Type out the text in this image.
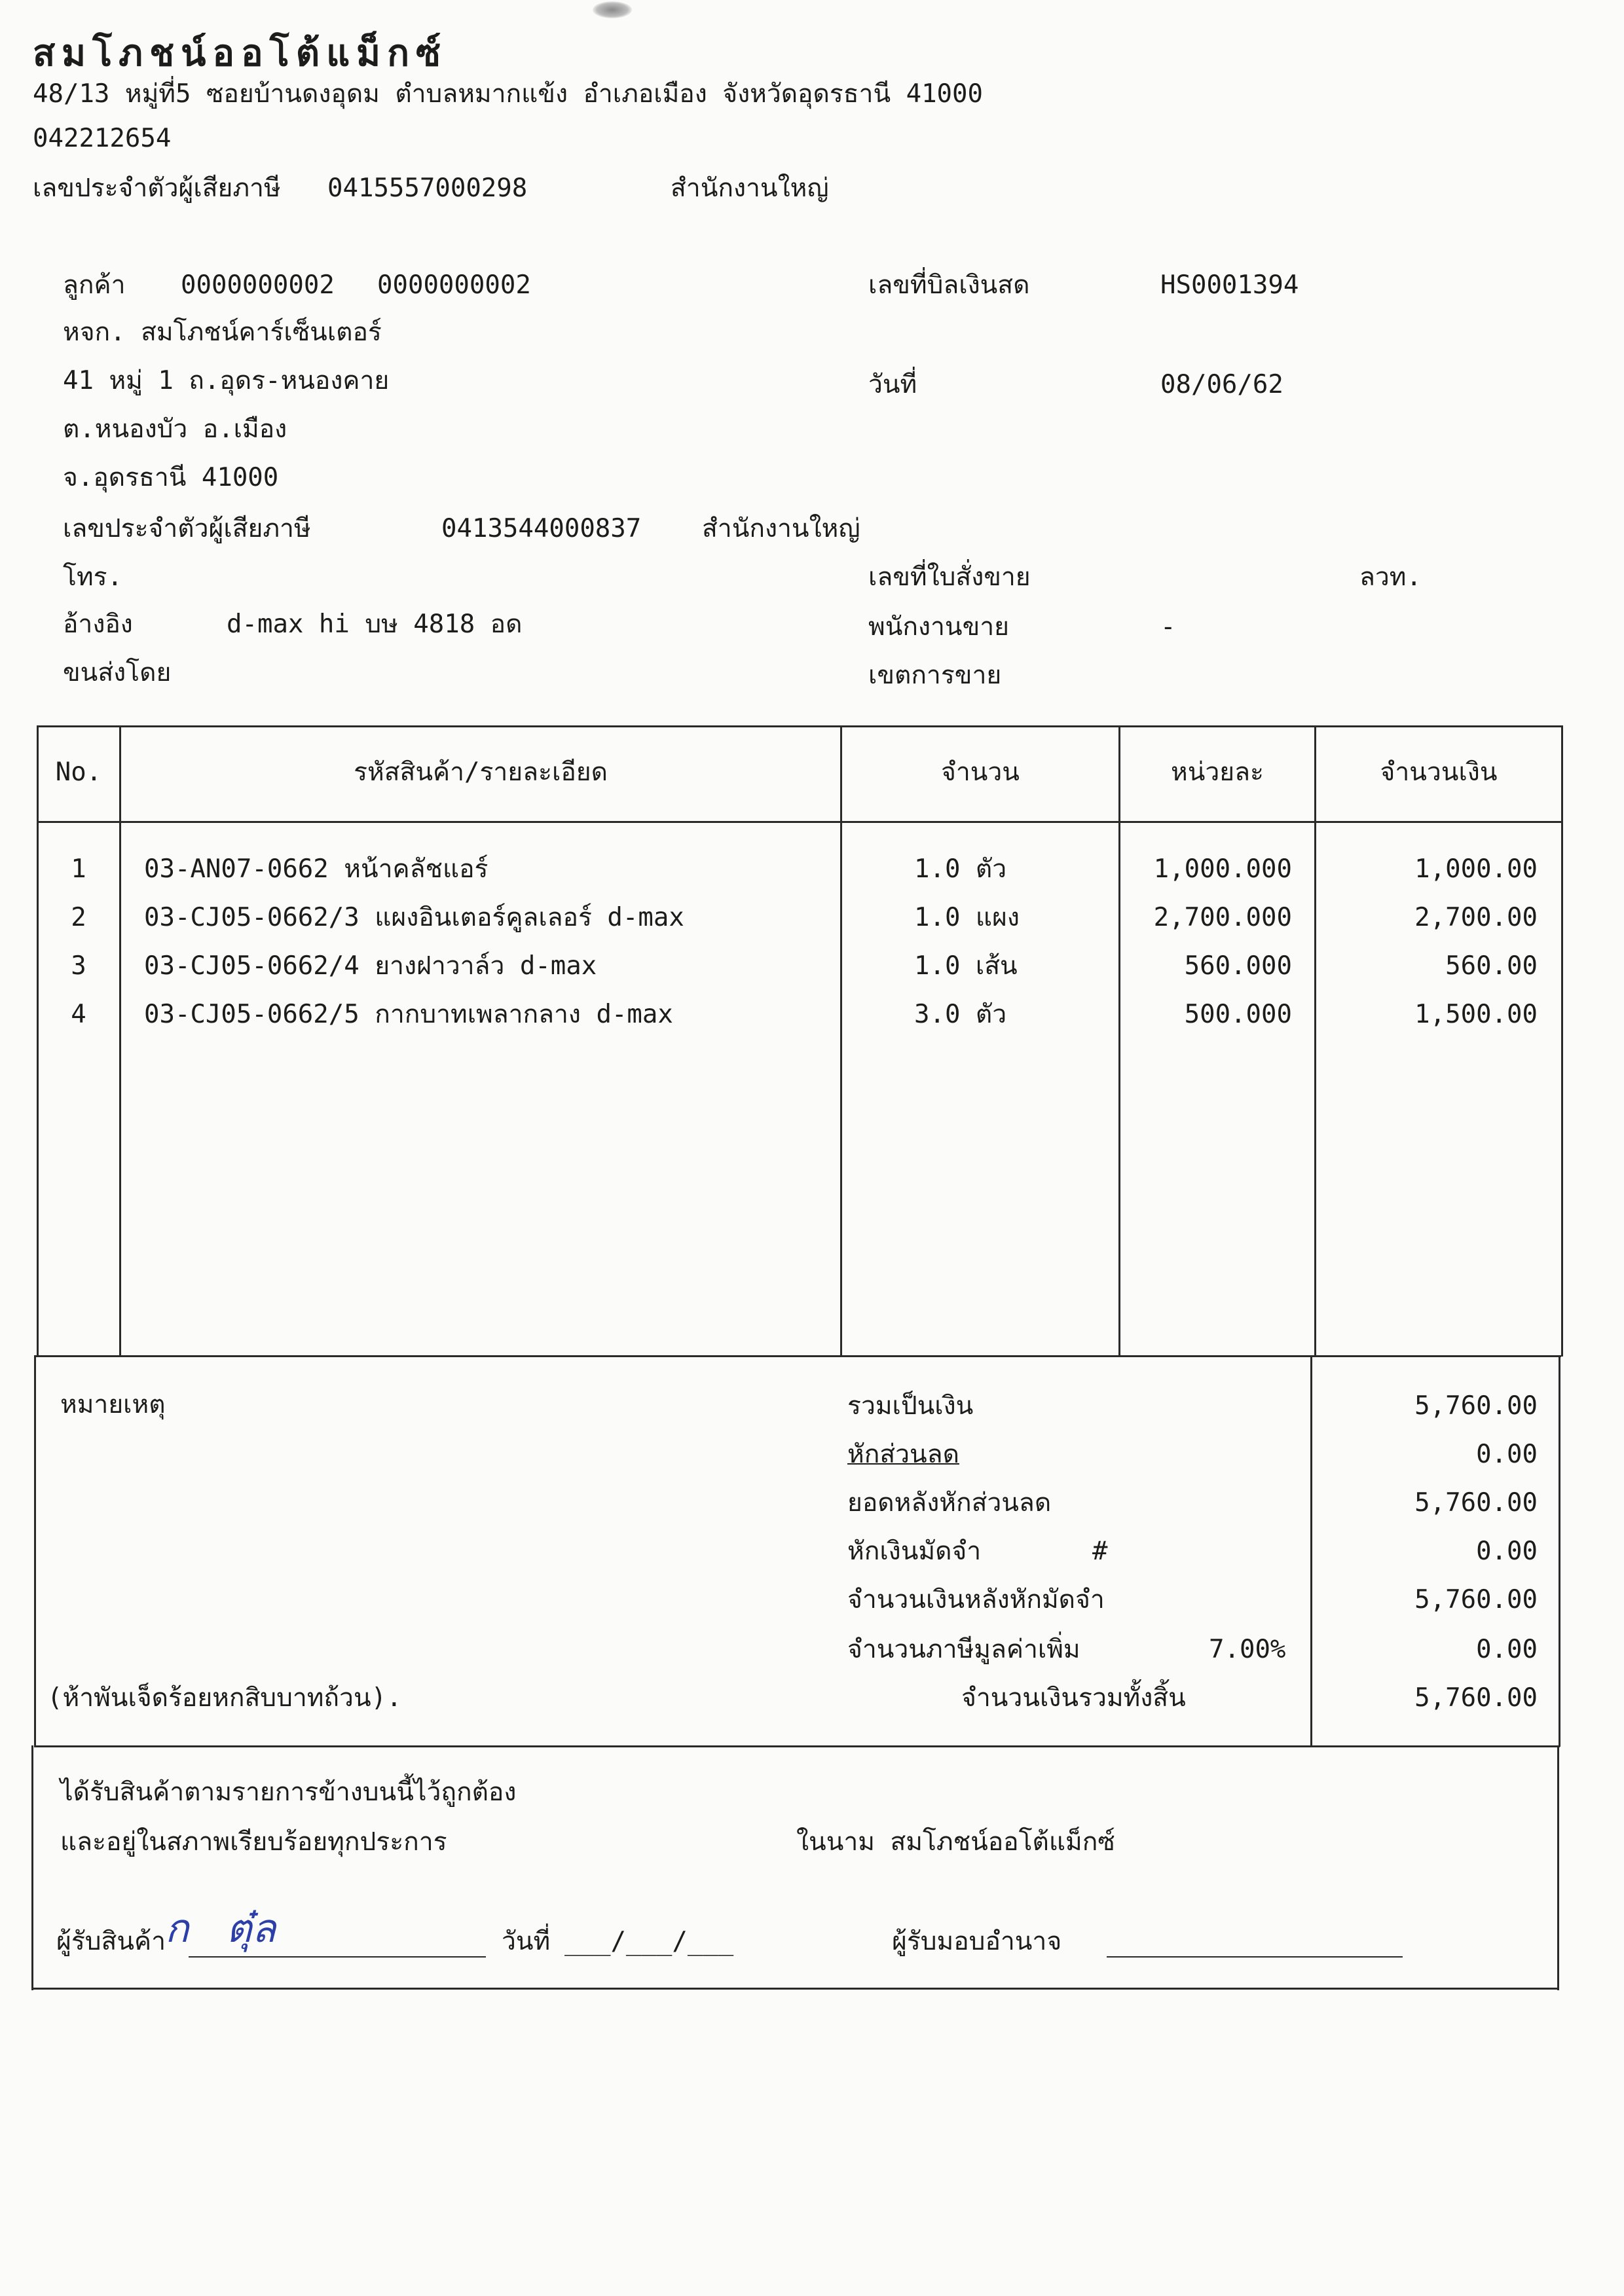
สมโภชน์ออโต้แม็กซ์
48/13 หมู่ที่5 ซอยบ้านดงอุดม ตำบลหมากแข้ง อำเภอเมือง จังหวัดอุดรธานี 41000
042212654
เลขประจำตัวผู้เสียภาษี 0415557000298	สำนักงานใหญ่
ลูกค้า 0000000002 0000000002
หจก. สมโภชน์คาร์เซ็นเตอร์
41 หมู่ 1 ถ.อุดร-หนองคาย
ต.หนองบัว อ.เมือง
จ.อุดรธานี 41000
เลขประจำตัวผู้เสียภาษี	0413544000837 สำนักงานใหญ่
โทร.
อ้างอิง	d-max hi บษ 4818 อด
ขนส่งโดย
เลขที่บิลเงินสด	HS0001394
วันที่	08/06/62
เลขที่ใบสั่งขาย	ลวท.
พนักงานขาย	-
เขตการขาย
No.	รหัสสินค้า/รายละเอียด	จำนวน	หน่วยละ	จำนวนเงิน
1	03-AN07-0662 หน้าคลัชแอร์	1.0 ตัว	1,000.000	1,000.00
2	03-CJ05-0662/3 แผงอินเตอร์คูลเลอร์ d-max	1.0 แผง	2,700.000	2,700.00
3	03-CJ05-0662/4 ยางฝาวาล์ว d-max	1.0 เส้น	560.000	560.00
4	03-CJ05-0662/5 กากบาทเพลากลาง d-max	3.0 ตัว	500.000	1,500.00
หมายเหตุ	รวมเป็นเงิน	5,760.00
หักส่วนลด	0.00
ยอดหลังหักส่วนลด	5,760.00
หักเงินมัดจำ	#	0.00
จำนวนเงินหลังหักมัดจำ	5,760.00
จำนวนภาษีมูลค่าเพิ่ม	7.00%	0.00
(ห้าพันเจ็ดร้อยหกสิบบาทถ้วน).	จำนวนเงินรวมทั้งสิ้น	5,760.00
ได้รับสินค้าตามรายการข้างบนนี้ไว้ถูกต้อง
และอยู่ในสภาพเรียบร้อยทุกประการ	ในนาม สมโภชน์ออโต้แม็กซ์
ผู้รับสินค้า
ก   ตุ๋ล	วันที่ ___/___/___	ผู้รับมอบอำนาจ
